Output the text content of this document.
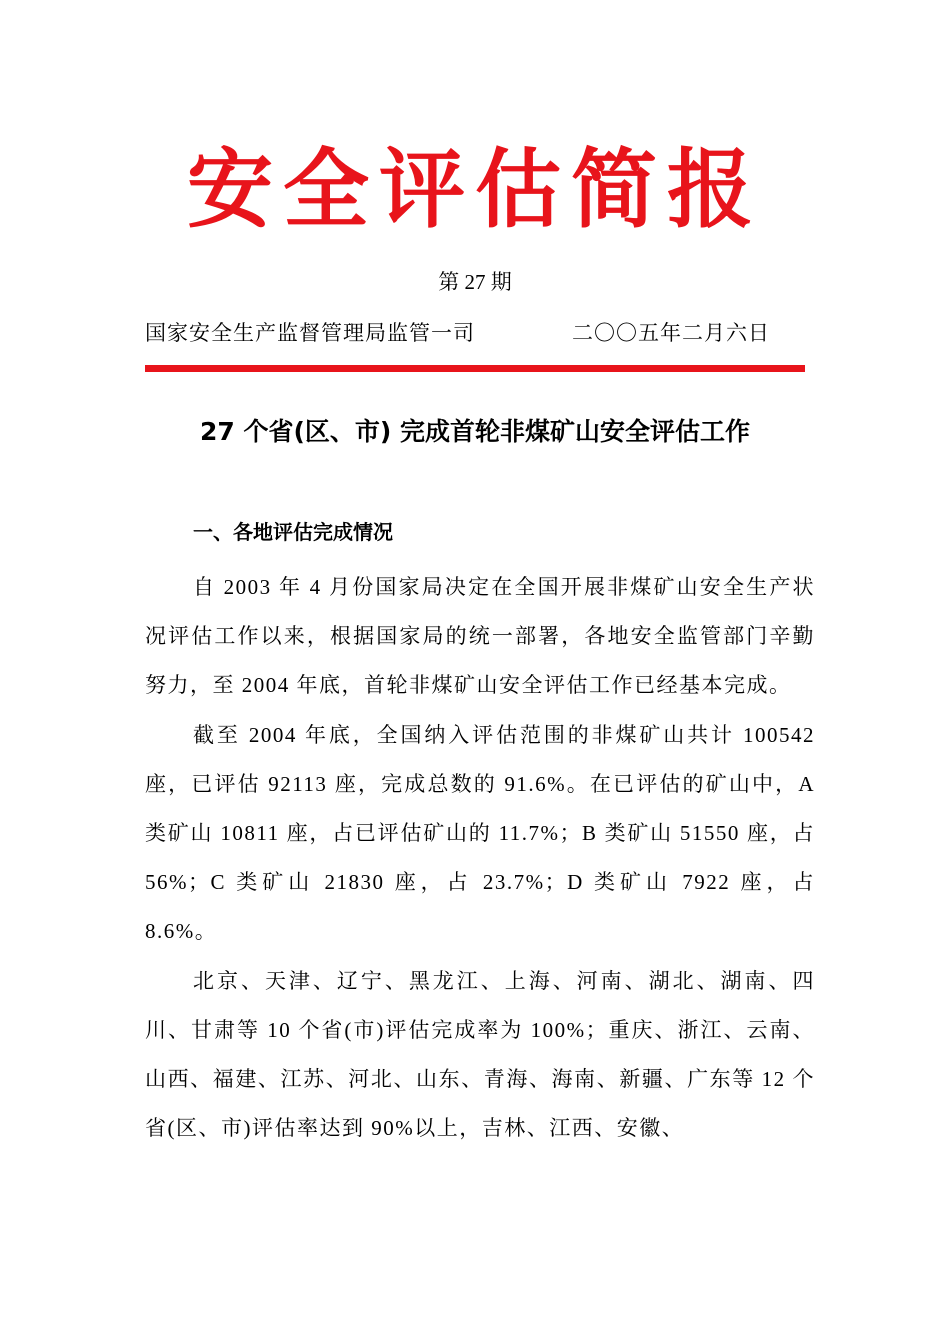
安全评估简报
第 27 期
国家安全生产监督管理局监管一司	二〇〇五年二月六日
27 个省(区、市) 完成首轮非煤矿山安全评估工作
一、各地评估完成情况

自 2003 年 4 月份国家局决定在全国开展非煤矿山安全生产状况评估工作以来，根据国家局的统一部署，各地安全监管部门辛勤努力，至 2004 年底，首轮非煤矿山安全评估工作已经基本完成。

截至 2004 年底，全国纳入评估范围的非煤矿山共计 100542 座，已评估 92113 座，完成总数的 91.6%。在已评估的矿山中，A 类矿山 10811 座，占已评估矿山的 11.7%；B 类矿山 51550 座，占 56%；C 类矿山 21830 座，占 23.7%；D 类矿山 7922 座，占 8.6%。

北京、天津、辽宁、黑龙江、上海、河南、湖北、湖南、四川、甘肃等 10 个省(市)评估完成率为 100%；重庆、浙江、云南、山西、福建、江苏、河北、山东、青海、海南、新疆、广东等 12 个省(区、市)评估率达到 90%以上，吉林、江西、安徽、
